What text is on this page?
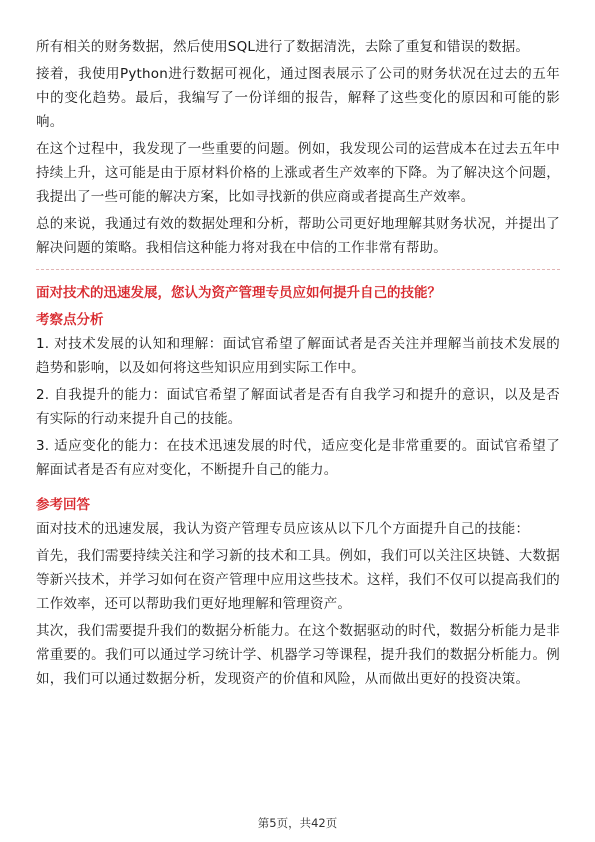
所有相关的财务数据，然后使用SQL进行了数据清洗，去除了重复和错误的数据。

接着，我使用Python进行数据可视化，通过图表展示了公司的财务状况在过去的五年中的变化趋势。最后，我编写了一份详细的报告，解释了这些变化的原因和可能的影响。

在这个过程中，我发现了一些重要的问题。例如，我发现公司的运营成本在过去五年中持续上升，这可能是由于原材料价格的上涨或者生产效率的下降。为了解决这个问题，我提出了一些可能的解决方案，比如寻找新的供应商或者提高生产效率。

总的来说，我通过有效的数据处理和分析，帮助公司更好地理解其财务状况，并提出了解决问题的策略。我相信这种能力将对我在中信的工作非常有帮助。

面对技术的迅速发展，您认为资产管理专员应如何提升自己的技能？
考察点分析

1. 对技术发展的认知和理解：面试官希望了解面试者是否关注并理解当前技术发展的趋势和影响，以及如何将这些知识应用到实际工作中。

2. 自我提升的能力：面试官希望了解面试者是否有自我学习和提升的意识，以及是否有实际的行动来提升自己的技能。

3. 适应变化的能力：在技术迅速发展的时代，适应变化是非常重要的。面试官希望了解面试者是否有应对变化，不断提升自己的能力。

参考回答

面对技术的迅速发展，我认为资产管理专员应该从以下几个方面提升自己的技能：

首先，我们需要持续关注和学习新的技术和工具。例如，我们可以关注区块链、大数据等新兴技术，并学习如何在资产管理中应用这些技术。这样，我们不仅可以提高我们的工作效率，还可以帮助我们更好地理解和管理资产。

其次，我们需要提升我们的数据分析能力。在这个数据驱动的时代，数据分析能力是非常重要的。我们可以通过学习统计学、机器学习等课程，提升我们的数据分析能力。例如，我们可以通过数据分析，发现资产的价值和风险，从而做出更好的投资决策。

第5页，共42页
